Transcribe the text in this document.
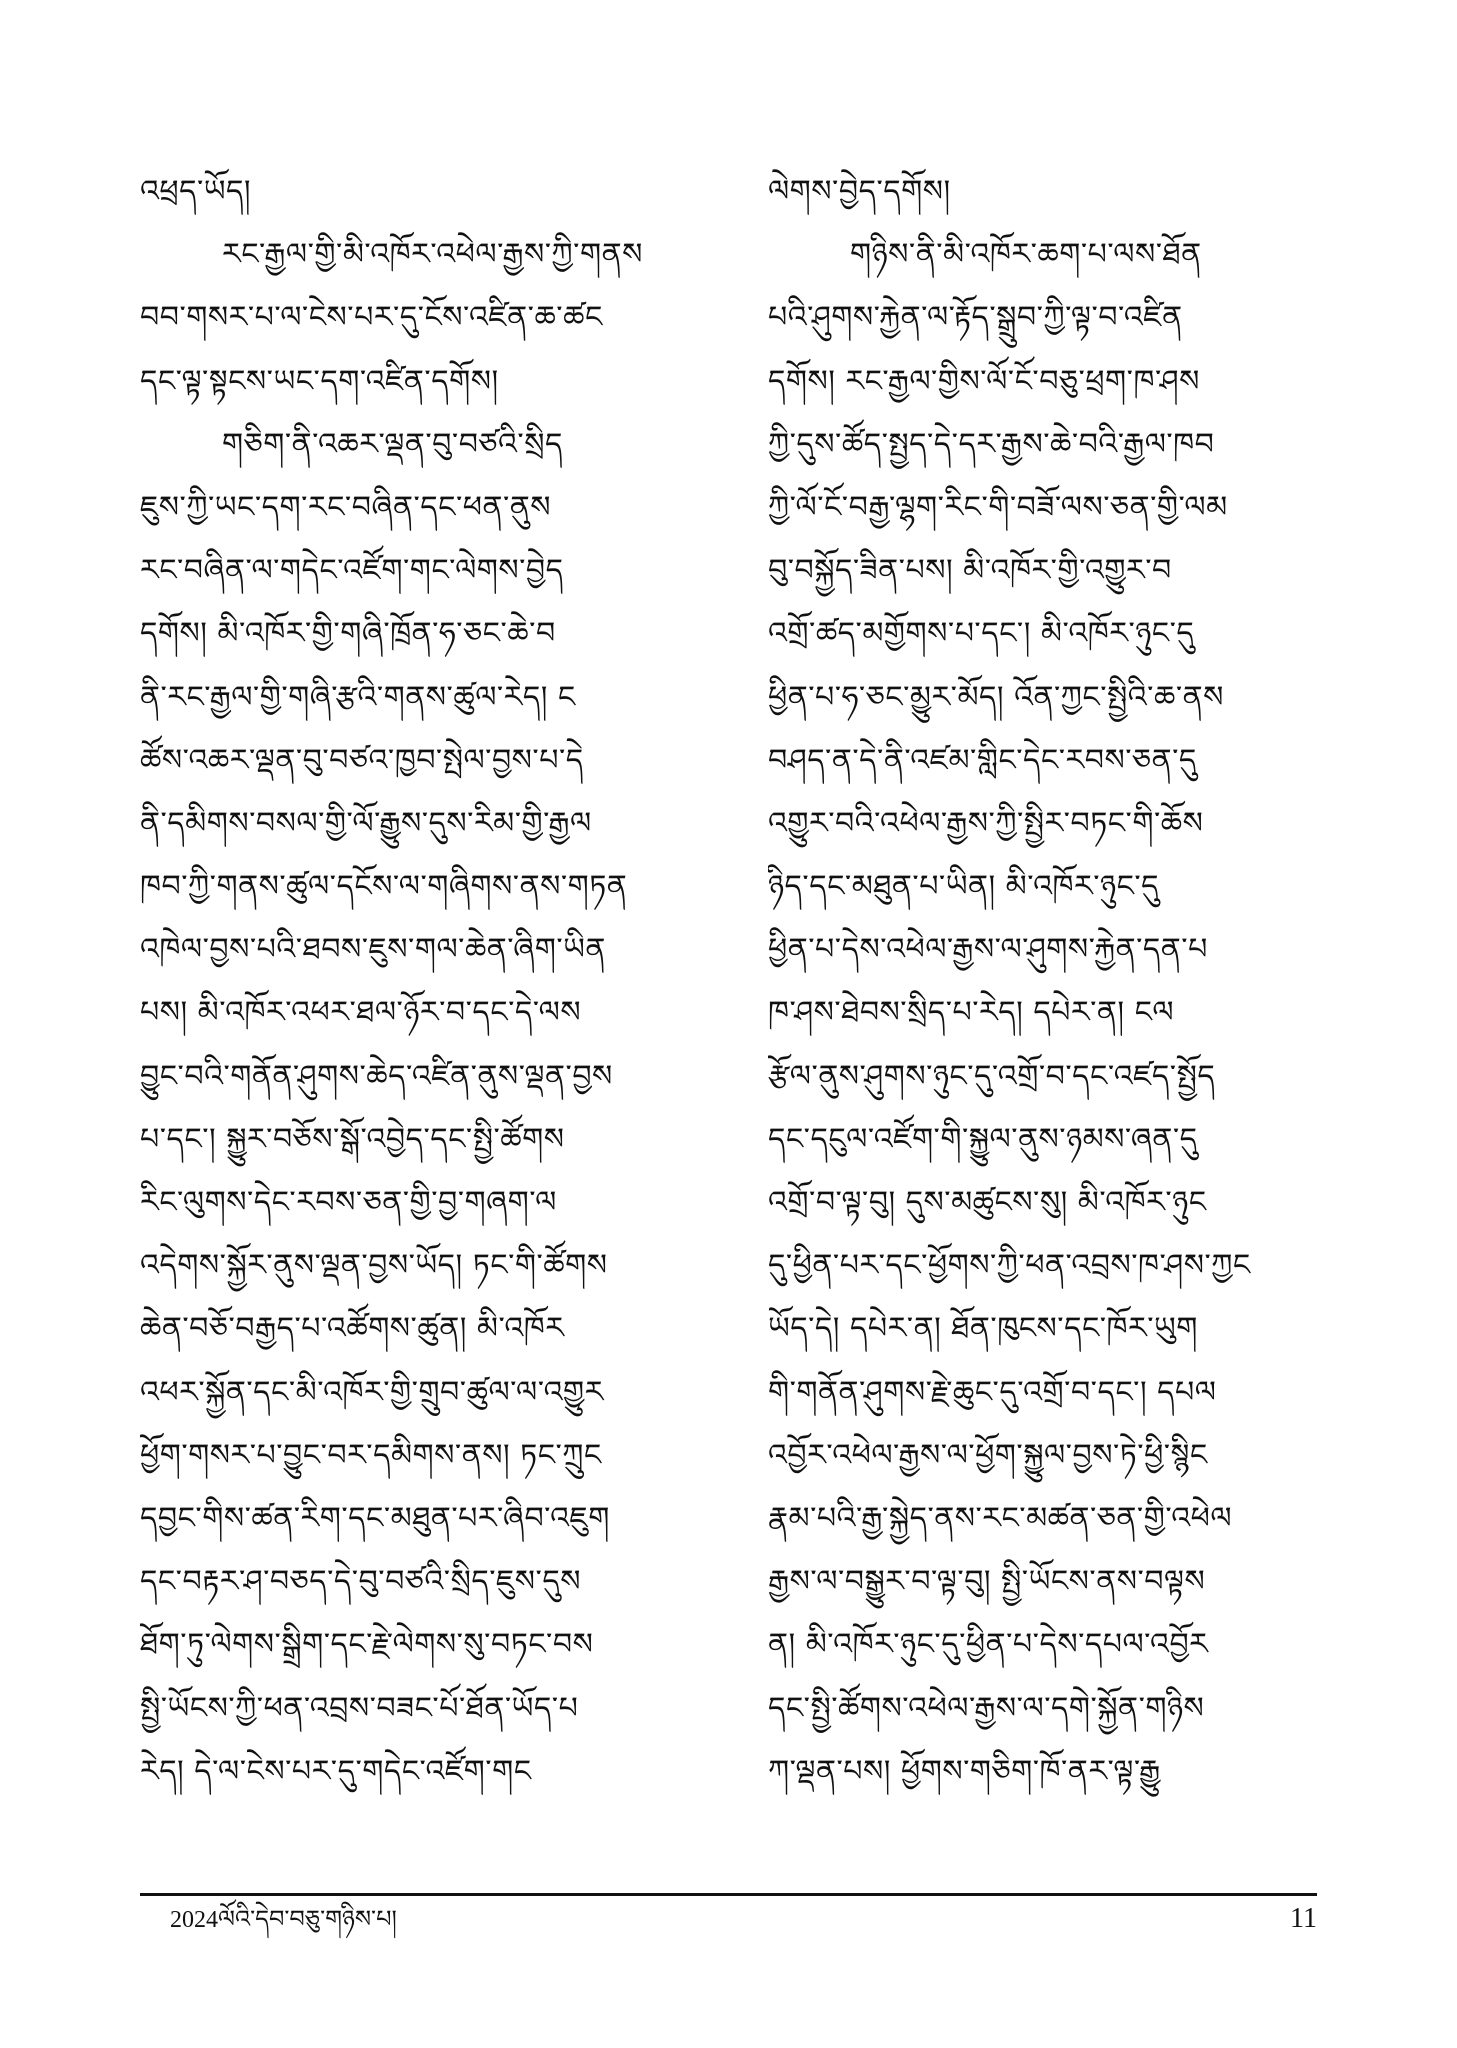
འཕྲད་ཡོད།
རང་རྒྱལ་གྱི་མི་འཁོར་འཕེལ་རྒྱས་ཀྱི་གནས
བབ་གསར་པ་ལ་ངེས་པར་དུ་ངོས་འཛིན་ཆ་ཚང
དང་ལྟ་སྟངས་ཡང་དག་འཛིན་དགོས།
གཅིག་ནི་འཆར་ལྡན་བུ་བཙའི་སྲིད
ཇུས་ཀྱི་ཡང་དག་རང་བཞིན་དང་ཕན་ནུས
རང་བཞིན་ལ་གདེང་འཛོག་གང་ལེགས་བྱེད
དགོས། མི་འཁོར་གྱི་གཞི་ཁྲོན་ཧ་ཅང་ཆེ་བ
ནི་རང་རྒྱལ་གྱི་གཞི་རྩའི་གནས་ཚུལ་རེད། ང
ཚོས་འཆར་ལྡན་བུ་བཙའ་ཁྱབ་སྤེལ་བྱས་པ་དེ
ནི་དམིགས་བསལ་གྱི་ལོ་རྒྱུས་དུས་རིམ་གྱི་རྒྱལ
ཁབ་ཀྱི་གནས་ཚུལ་དངོས་ལ་གཞིགས་ནས་གཏན
འཁེལ་བྱས་པའི་ཐབས་ཇུས་གལ་ཆེན་ཞིག་ཡིན
པས། མི་འཁོར་འཕར་ཐལ་ཉོར་བ་དང་དེ་ལས
བྱུང་བའི་གནོན་ཤུགས་ཆེད་འཛིན་ནུས་ལྡན་བྱས
པ་དང་། སྐྱུར་བཅོས་སྒོ་འབྱེད་དང་སྤྱི་ཚོགས
རིང་ལུགས་དེང་རབས་ཅན་གྱི་བྱ་གཞག་ལ
འདེགས་སྐྱོར་ནུས་ལྡན་བྱས་ཡོད། ཏང་གི་ཚོགས
ཆེན་བཅོ་བརྒྱད་པ་འཚོགས་ཚུན། མི་འཁོར
འཕར་སྐྱོན་དང་མི་འཁོར་གྱི་གྲུབ་ཚུལ་ལ་འགྱུར
ཕྱོག་གསར་པ་བྱུང་བར་དམིགས་ནས། ཏང་ཀྲུང
དབྱང་གིས་ཚན་རིག་དང་མཐུན་པར་ཞིབ་འཇུག
དང་བརྟར་ཤ་བཅད་དེ་བུ་བཙའི་སྲིད་ཇུས་དུས
ཐོག་ཏུ་ལེགས་སྒྲིག་དང་རྗེ་ལེགས་སུ་བཏང་བས
སྤྱི་ཡོངས་ཀྱི་ཕན་འབྲས་བཟང་པོ་ཐོན་ཡོད་པ
རེད། དེ་ལ་ངེས་པར་དུ་གདེང་འཛོག་གང
ལེགས་བྱེད་དགོས།
གཉིས་ནི་མི་འཁོར་ཆག་པ་ལས་ཐོན
པའི་ཤུགས་རྐྱེན་ལ་རྟོད་སྒྲུབ་ཀྱི་ལྟ་བ་འཛིན
དགོས། རང་རྒྱལ་གྱིས་ལོ་ངོ་བཅུ་ཕྲག་ཁ་ཤས
ཀྱི་དུས་ཚོད་སྤྱད་དེ་དར་རྒྱས་ཆེ་བའི་རྒྱལ་ཁབ
ཀྱི་ལོ་ངོ་བརྒྱ་ལྷག་རིང་གི་བཟོ་ལས་ཅན་གྱི་ལམ
བུ་བསྐྱོད་ཟིན་པས། མི་འཁོར་གྱི་འགྱུར་བ
འགྲོ་ཚད་མགྱོགས་པ་དང་། མི་འཁོར་ཉུང་དུ
ཕྱིན་པ་ཧ་ཅང་མྱུར་མོད། འོན་ཀྱང་སྤྱིའི་ཆ་ནས
བཤད་ན་དེ་ནི་འཛམ་གླིང་དེང་རབས་ཅན་དུ
འགྱུར་བའི་འཕེལ་རྒྱས་ཀྱི་སྤྱིར་བཏང་གི་ཆོས
ཉིད་དང་མཐུན་པ་ཡིན། མི་འཁོར་ཉུང་དུ
ཕྱིན་པ་དེས་འཕེལ་རྒྱས་ལ་ཤུགས་རྐྱེན་དན་པ
ཁ་ཤས་ཐེབས་སྲིད་པ་རེད། དཔེར་ན། ངལ
རྩོལ་ནུས་ཤུགས་ཉུང་དུ་འགྲོ་བ་དང་འཛད་སྤྱོད
དང་དངུལ་འཛོག་གི་སྐྱུལ་ནུས་ཉམས་ཞན་དུ
འགྲོ་བ་ལྟ་བུ། དུས་མཚུངས་སུ། མི་འཁོར་ཉུང
དུ་ཕྱིན་པར་དང་ཕྱོགས་ཀྱི་ཕན་འབྲས་ཁ་ཤས་ཀྱང
ཡོད་དེ། དཔེར་ན། ཐོན་ཁུངས་དང་ཁོར་ཡུག
གི་གནོན་ཤུགས་རྗེ་ཆུང་དུ་འགྲོ་བ་དང་། དཔལ
འབྱོར་འཕེལ་རྒྱས་ལ་ཕྱོག་སྐྱུལ་བྱས་ཏེ་ཕྱི་སྙིང
རྣམ་པའི་རྒྱ་སྐྱེད་ནས་རང་མཚན་ཅན་གྱི་འཕེལ
རྒྱས་ལ་བསྒྱུར་བ་ལྟ་བུ། སྤྱི་ཡོངས་ནས་བལྟས
ན། མི་འཁོར་ཉུང་དུ་ཕྱིན་པ་དེས་དཔལ་འབྱོར
དང་སྤྱི་ཚོགས་འཕེལ་རྒྱས་ལ་དགེ་སྐྱོན་གཉིས
ཀ་ལྡན་པས། ཕྱོགས་གཅིག་ཁོ་ནར་ལྟ་རྒྱུ
2024ལོའི་དེབ་བཅུ་གཉིས་པ།	11
